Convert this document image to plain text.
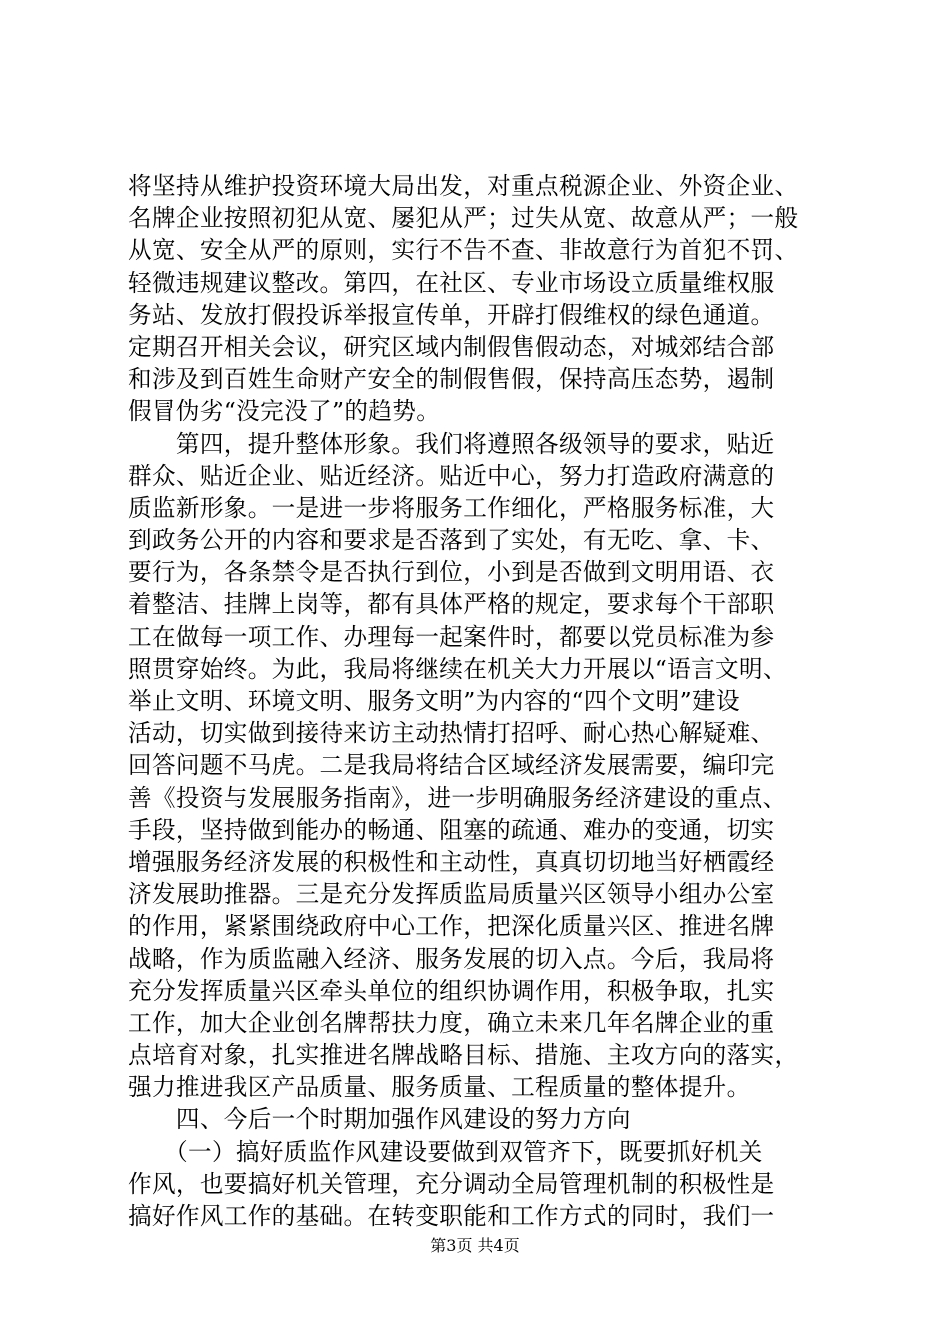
将坚持从维护投资环境大局出发，对重点税源企业、外资企业、
名牌企业按照初犯从宽、屡犯从严；过失从宽、故意从严；一般
从宽、安全从严的原则，实行不告不查、非故意行为首犯不罚、
轻微违规建议整改。第四，在社区、专业市场设立质量维权服
务站、发放打假投诉举报宣传单，开辟打假维权的绿色通道。
定期召开相关会议，研究区域内制假售假动态，对城郊结合部
和涉及到百姓生命财产安全的制假售假，保持高压态势，遏制
假冒伪劣“没完没了”的趋势。
　　第四，提升整体形象。我们将遵照各级领导的要求，贴近
群众、贴近企业、贴近经济。贴近中心，努力打造政府满意的
质监新形象。一是进一步将服务工作细化，严格服务标准，大
到政务公开的内容和要求是否落到了实处，有无吃、拿、卡、
要行为，各条禁令是否执行到位，小到是否做到文明用语、衣
着整洁、挂牌上岗等，都有具体严格的规定，要求每个干部职
工在做每一项工作、办理每一起案件时，都要以党员标准为参
照贯穿始终。为此，我局将继续在机关大力开展以“语言文明、
举止文明、环境文明、服务文明”为内容的“四个文明”建设
活动，切实做到接待来访主动热情打招呼、耐心热心解疑难、
回答问题不马虎。二是我局将结合区域经济发展需要，编印完
善《投资与发展服务指南》，进一步明确服务经济建设的重点、
手段，坚持做到能办的畅通、阻塞的疏通、难办的变通，切实
增强服务经济发展的积极性和主动性，真真切切地当好栖霞经
济发展助推器。三是充分发挥质监局质量兴区领导小组办公室
的作用，紧紧围绕政府中心工作，把深化质量兴区、推进名牌
战略，作为质监融入经济、服务发展的切入点。今后，我局将
充分发挥质量兴区牵头单位的组织协调作用，积极争取，扎实
工作，加大企业创名牌帮扶力度，确立未来几年名牌企业的重
点培育对象，扎实推进名牌战略目标、措施、主攻方向的落实，
强力推进我区产品质量、服务质量、工程质量的整体提升。
　　四、今后一个时期加强作风建设的努力方向
　　（一）搞好质监作风建设要做到双管齐下，既要抓好机关
作风，也要搞好机关管理，充分调动全局管理机制的积极性是
搞好作风工作的基础。在转变职能和工作方式的同时，我们一
第3页 共4页
